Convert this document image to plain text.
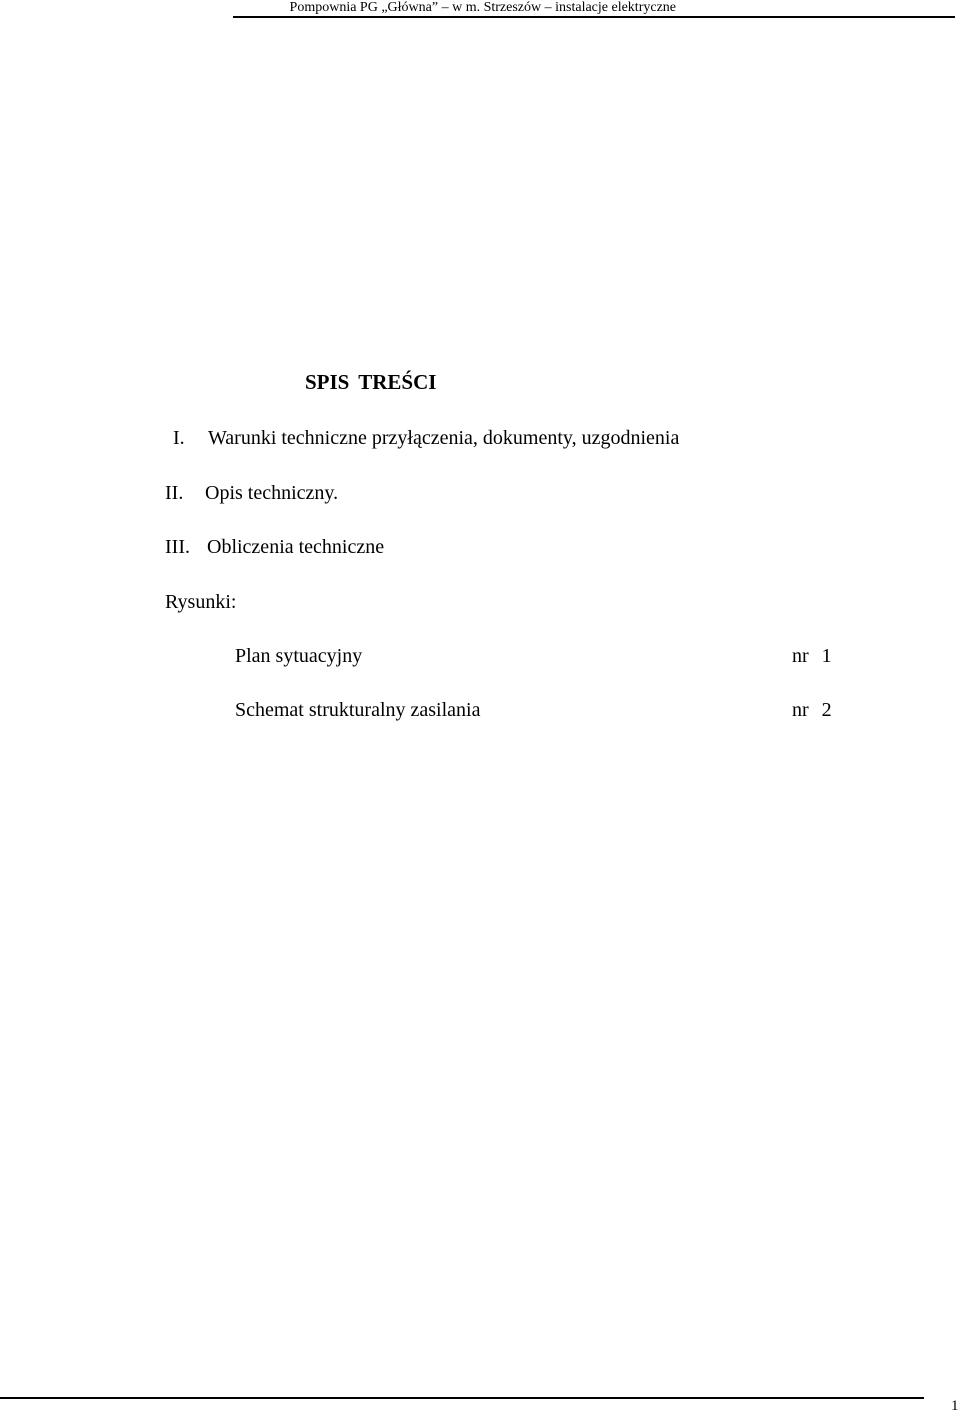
Pompownia PG „Główna” – w m. Strzeszów – instalacje elektryczne
SPIS TREŚCI
I. Warunki techniczne przyłączenia, dokumenty, uzgodnienia
II. Opis techniczny.
III. Obliczenia techniczne
Rysunki:
Plan sytuacyjny	nr 1
Schemat strukturalny zasilania	nr 2
1
